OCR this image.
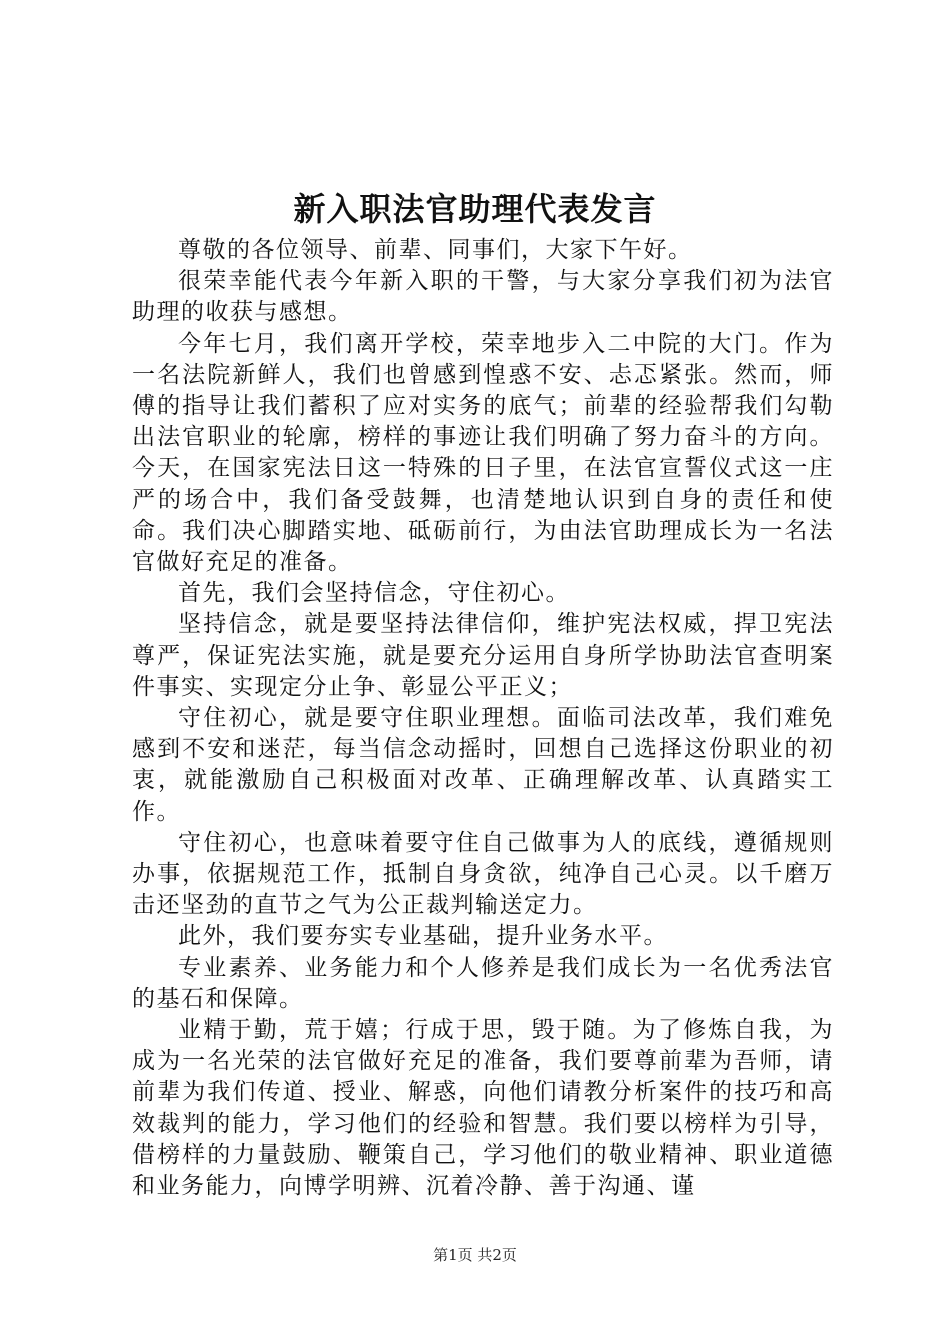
新入职法官助理代表发言

尊敬的各位领导、前辈、同事们，大家下午好。

很荣幸能代表今年新入职的干警，与大家分享我们初为法官助理的收获与感想。

今年七月，我们离开学校，荣幸地步入二中院的大门。作为一名法院新鲜人，我们也曾感到惶惑不安、忐忑紧张。然而，师傅的指导让我们蓄积了应对实务的底气；前辈的经验帮我们勾勒出法官职业的轮廓，榜样的事迹让我们明确了努力奋斗的方向。今天，在国家宪法日这一特殊的日子里，在法官宣誓仪式这一庄严的场合中，我们备受鼓舞，也清楚地认识到自身的责任和使命。我们决心脚踏实地、砥砺前行，为由法官助理成长为一名法官做好充足的准备。

首先，我们会坚持信念，守住初心。

坚持信念，就是要坚持法律信仰，维护宪法权威，捍卫宪法尊严，保证宪法实施，就是要充分运用自身所学协助法官查明案件事实、实现定分止争、彰显公平正义；

守住初心，就是要守住职业理想。面临司法改革，我们难免感到不安和迷茫，每当信念动摇时，回想自己选择这份职业的初衷，就能激励自己积极面对改革、正确理解改革、认真踏实工作。

守住初心，也意味着要守住自己做事为人的底线，遵循规则办事，依据规范工作，抵制自身贪欲，纯净自己心灵。以千磨万击还坚劲的直节之气为公正裁判输送定力。

此外，我们要夯实专业基础，提升业务水平。

专业素养、业务能力和个人修养是我们成长为一名优秀法官的基石和保障。

业精于勤，荒于嬉；行成于思，毁于随。为了修炼自我，为成为一名光荣的法官做好充足的准备，我们要尊前辈为吾师，请前辈为我们传道、授业、解惑，向他们请教分析案件的技巧和高效裁判的能力，学习他们的经验和智慧。我们要以榜样为引导，借榜样的力量鼓励、鞭策自己，学习他们的敬业精神、职业道德和业务能力，向博学明辨、沉着冷静、善于沟通、谨

第1页 共2页
